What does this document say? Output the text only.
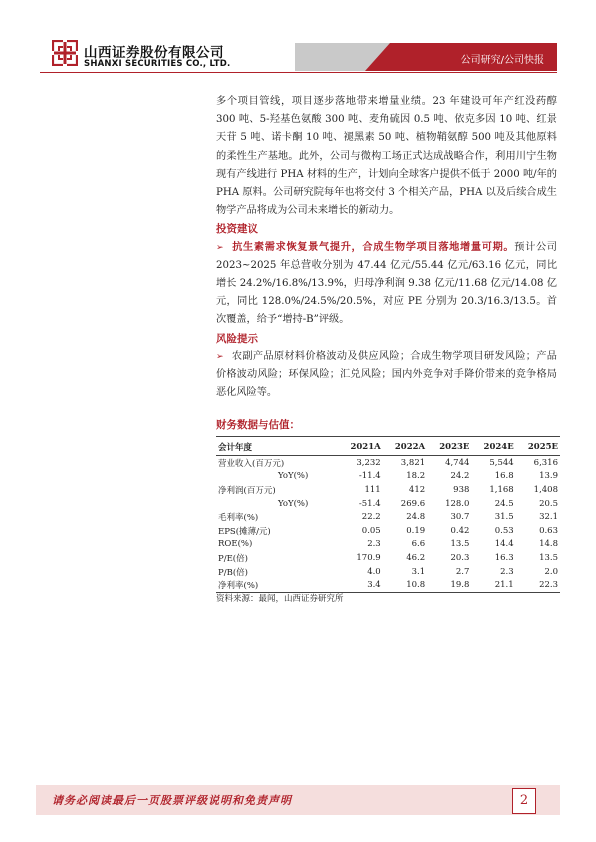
山西证券股份有限公司
SHANXI SECURITIES CO., LTD.	公司研究/公司快报

多个项目管线，项目逐步落地带来增量业绩。23 年建设可年产红没药醇 300 吨、5-羟基色氨酸 300 吨、麦角硫因 0.5 吨、依克多因 10 吨、红景天苷 5 吨、诺卡酮 10 吨、褪黑素 50 吨、植物鞘氨醇 500 吨及其他原料的柔性生产基地。此外，公司与微构工场正式达成战略合作，利用川宁生物现有产线进行 PHA 材料的生产，计划向全球客户提供不低于 2000 吨/年的 PHA 原料。公司研究院每年也将交付 3 个相关产品，PHA 以及后续合成生物学产品将成为公司未来增长的新动力。

投资建议

➢ 抗生素需求恢复景气提升，合成生物学项目落地增量可期。预计公司 2023~2025 年总营收分别为 47.44 亿元/55.44 亿元/63.16 亿元，同比增长 24.2%/16.8%/13.9%，归母净利润 9.38 亿元/11.68 亿元/14.08 亿元，同比 128.0%/24.5%/20.5%，对应 PE 分别为 20.3/16.3/13.5。首次覆盖，给予“增持-B”评级。

风险提示

➢ 农副产品原材料价格波动及供应风险；合成生物学项目研发风险；产品价格波动风险；环保风险；汇兑风险；国内外竞争对手降价带来的竞争格局恶化风险等。

财务数据与估值：
会计年度	2021A	2022A	2023E	2024E	2025E
营业收入(百万元)	3,232	3,821	4,744	5,544	6,316
YoY(%)	-11.4	18.2	24.2	16.8	13.9
净利润(百万元)	111	412	938	1,168	1,408
YoY(%)	-51.4	269.6	128.0	24.5	20.5
毛利率(%)	22.2	24.8	30.7	31.5	32.1
EPS(摊薄/元)	0.05	0.19	0.42	0.53	0.63
ROE(%)	2.3	6.6	13.5	14.4	14.8
P/E(倍)	170.9	46.2	20.3	16.3	13.5
P/B(倍)	4.0	3.1	2.7	2.3	2.0
净利率(%)	3.4	10.8	19.8	21.1	22.3
资料来源：最闻，山西证券研究所
请务必阅读最后一页股票评级说明和免责声明	2
